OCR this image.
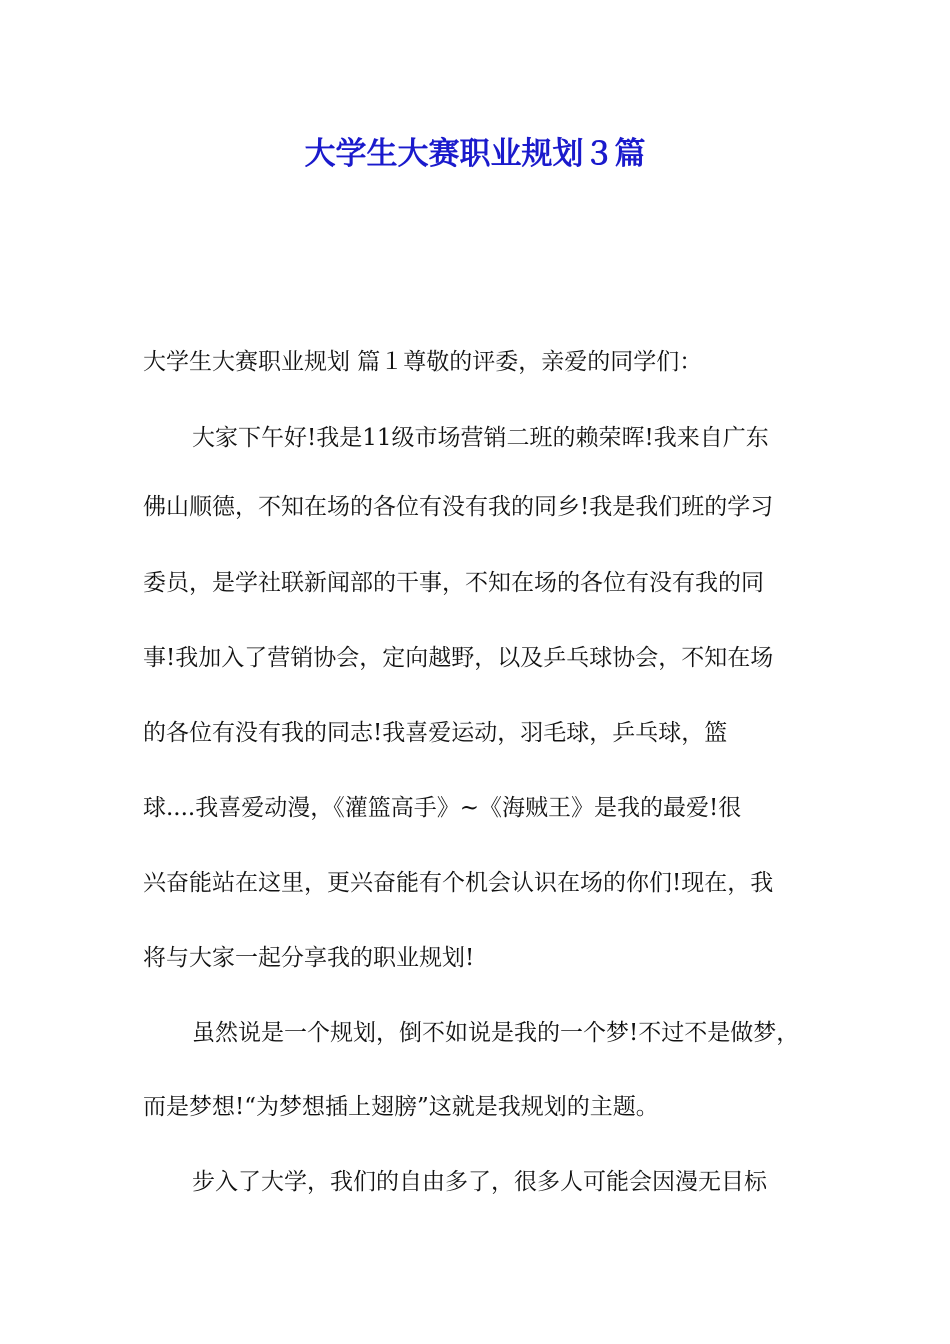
大学生大赛职业规划３篇

大学生大赛职业规划 篇１尊敬的评委，亲爱的同学们：

大家下午好!我是11级市场营销二班的赖荣晖!我来自广东

佛山顺德，不知在场的各位有没有我的同乡!我是我们班的学习

委员，是学社联新闻部的干事，不知在场的各位有没有我的同

事!我加入了营销协会，定向越野，以及乒乓球协会，不知在场

的各位有没有我的同志!我喜爱运动，羽毛球，乒乓球，篮

球....我喜爱动漫，《灌篮高手》~《海贼王》是我的最爱!很

兴奋能站在这里，更兴奋能有个机会认识在场的你们!现在，我

将与大家一起分享我的职业规划!

虽然说是一个规划，倒不如说是我的一个梦!不过不是做梦，

而是梦想!“为梦想插上翅膀”这就是我规划的主题。

步入了大学，我们的自由多了，很多人可能会因漫无目标
